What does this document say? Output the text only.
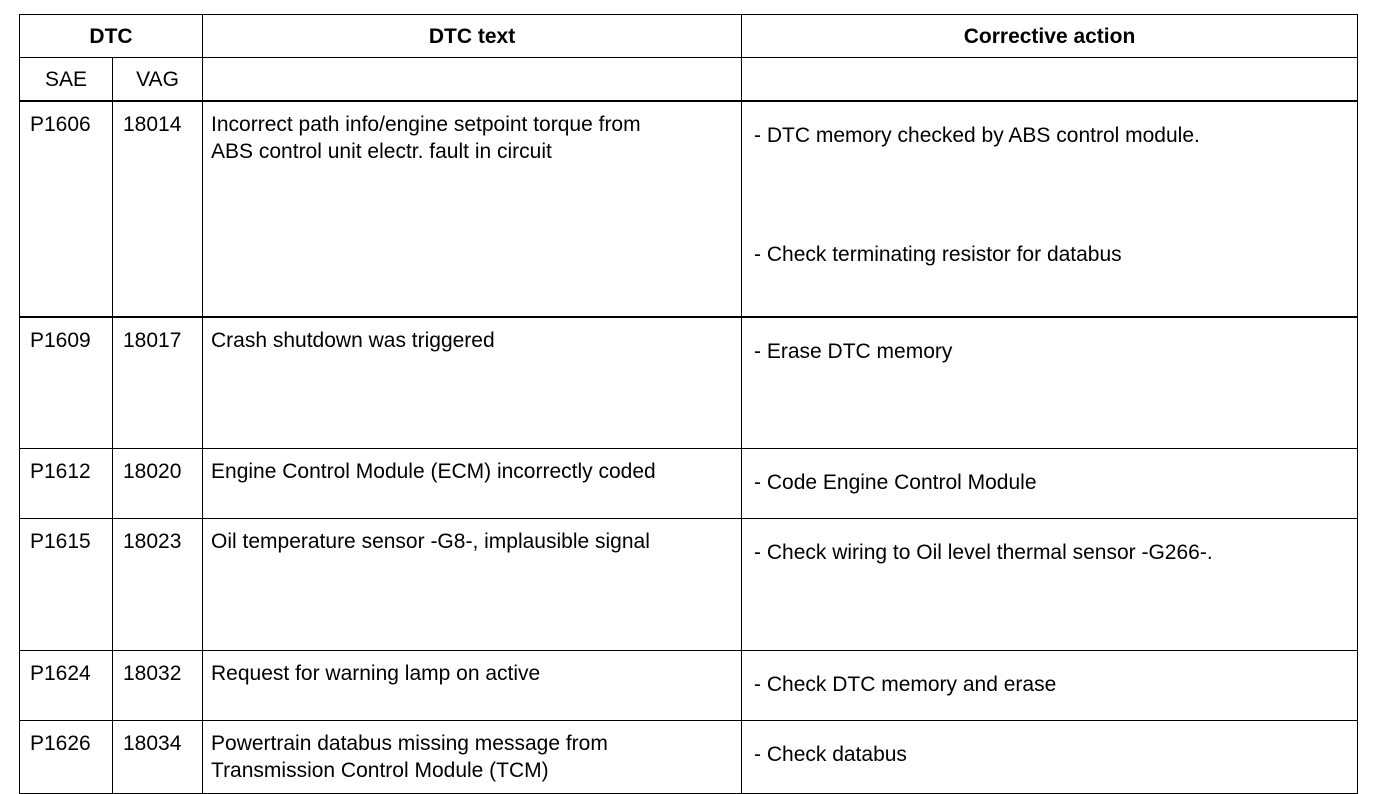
DTC		DTC text	Corrective action
SAE	VAG		
P1606	18014	Incorrect path info/engine setpoint torque from
ABS control unit electr. fault in circuit	- DTC memory checked by ABS control module.
- Check terminating resistor for databus

P1609	18017	Crash shutdown was triggered	- Erase DTC memory

P1612	18020	Engine Control Module (ECM) incorrectly coded	- Code Engine Control Module

P1615	18023	Oil temperature sensor -G8-, implausible signal	- Check wiring to Oil level thermal sensor -G266-.

P1624	18032	Request for warning lamp on active	- Check DTC memory and erase

P1626	18034	Powertrain databus missing message from
Transmission Control Module (TCM)	- Check databus
